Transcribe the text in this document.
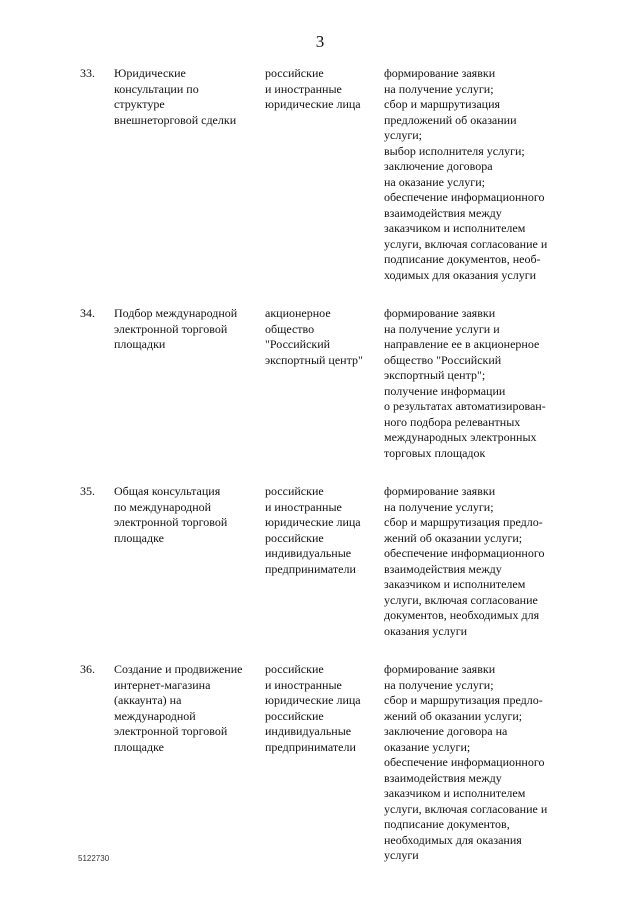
3
33. Юридические
консультации по
структуре
внешнеторговой сделки
российские
и иностранные
юридические лица
формирование заявки
на получение услуги;
сбор и маршрутизация
предложений об оказании
услуги;
выбор исполнителя услуги;
заключение договора
на оказание услуги;
обеспечение информационного
взаимодействия между
заказчиком и исполнителем
услуги, включая согласование и
подписание документов, необ-
ходимых для оказания услуги
34. Подбор международной
электронной торговой
площадки
акционерное
общество
"Российский
экспортный центр"
формирование заявки
на получение услуги и
направление ее в акционерное
общество "Российский
экспортный центр";
получение информации
о результатах автоматизирован-
ного подбора релевантных
международных электронных
торговых площадок
35. Общая консультация
по международной
электронной торговой
площадке
российские
и иностранные
юридические лица
российские
индивидуальные
предприниматели
формирование заявки
на получение услуги;
сбор и маршрутизация предло-
жений об оказании услуги;
обеспечение информационного
взаимодействия между
заказчиком и исполнителем
услуги, включая согласование
документов, необходимых для
оказания услуги
36. Создание и продвижение
интернет-магазина
(аккаунта) на
международной
электронной торговой
площадке
российские
и иностранные
юридические лица
российские
индивидуальные
предприниматели
формирование заявки
на получение услуги;
сбор и маршрутизация предло-
жений об оказании услуги;
заключение договора на
оказание услуги;
обеспечение информационного
взаимодействия между
заказчиком и исполнителем
услуги, включая согласование и
подписание документов,
необходимых для оказания
услуги
5122730
